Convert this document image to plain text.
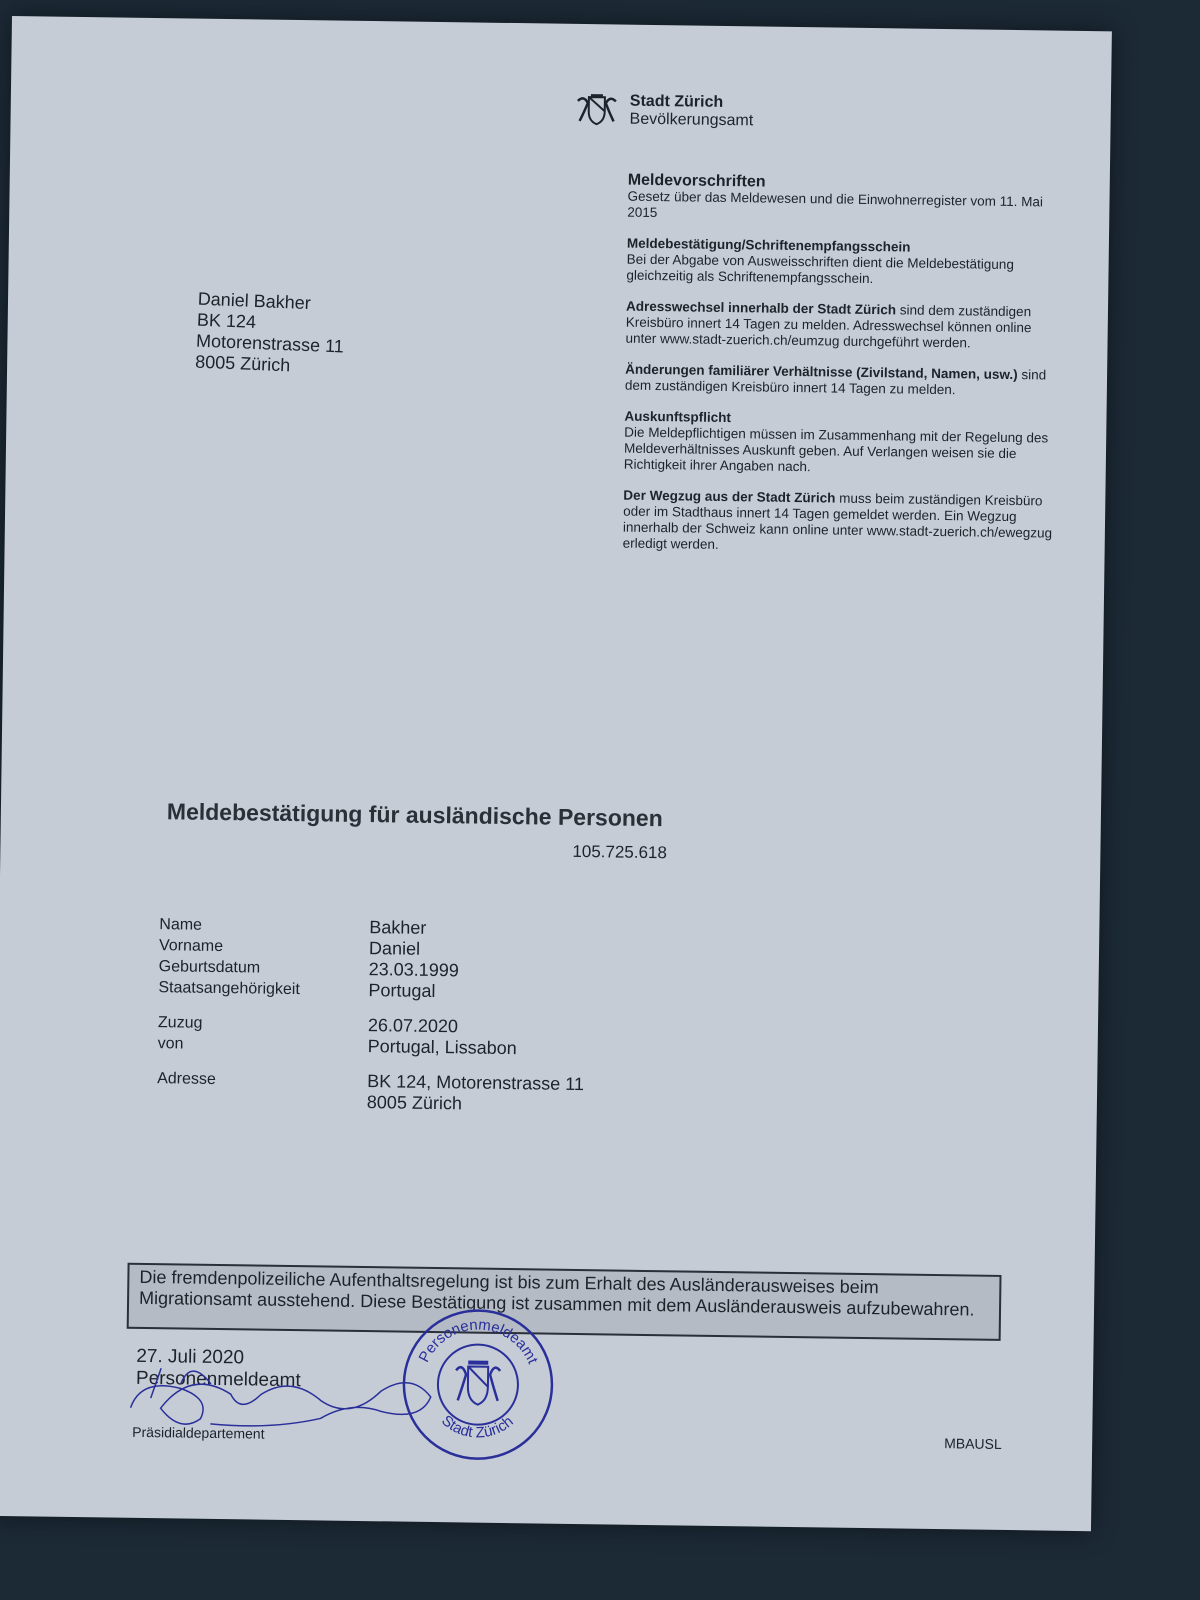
Stadt Zürich
Bevölkerungsamt
Meldevorschriften
Gesetz über das Meldewesen und die Einwohnerregister vom 11. Mai 2015
Meldebestätigung/Schriftenempfangsschein
Bei der Abgabe von Ausweisschriften dient die Meldebestätigung gleichzeitig als Schriftenempfangsschein.
Adresswechsel innerhalb der Stadt Zürich sind dem zuständigen Kreisbüro innert 14 Tagen zu melden. Adresswechsel können online unter www.stadt-zuerich.ch/eumzug durchgeführt werden.
Änderungen familiärer Verhältnisse (Zivilstand, Namen, usw.) sind dem zuständigen Kreisbüro innert 14 Tagen zu melden.
Auskunftspflicht
Die Meldepflichtigen müssen im Zusammenhang mit der Regelung des Meldeverhältnisses Auskunft geben. Auf Verlangen weisen sie die Richtigkeit ihrer Angaben nach.
Der Wegzug aus der Stadt Zürich muss beim zuständigen Kreisbüro oder im Stadthaus innert 14 Tagen gemeldet werden. Ein Wegzug innerhalb der Schweiz kann online unter www.stadt-zuerich.ch/ewegzug erledigt werden.
Daniel Bakher
BK 124
Motorenstrasse 11
8005 Zürich
Meldebestätigung für ausländische Personen
105.725.618
Name	Bakher
Vorname	Daniel
Geburtsdatum	23.03.1999
Staatsangehörigkeit	Portugal
Zuzug	26.07.2020
von	Portugal, Lissabon
Adresse	BK 124, Motorenstrasse 11
8005 Zürich
Die fremdenpolizeiliche Aufenthaltsregelung ist bis zum Erhalt des Ausländerausweises beim Migrationsamt ausstehend. Diese Bestätigung ist zusammen mit dem Ausländerausweis aufzubewahren.
27. Juli 2020
Personenmeldeamt
Präsidialdepartement
MBAUSL
Personenmeldeamt
Stadt Zürich
